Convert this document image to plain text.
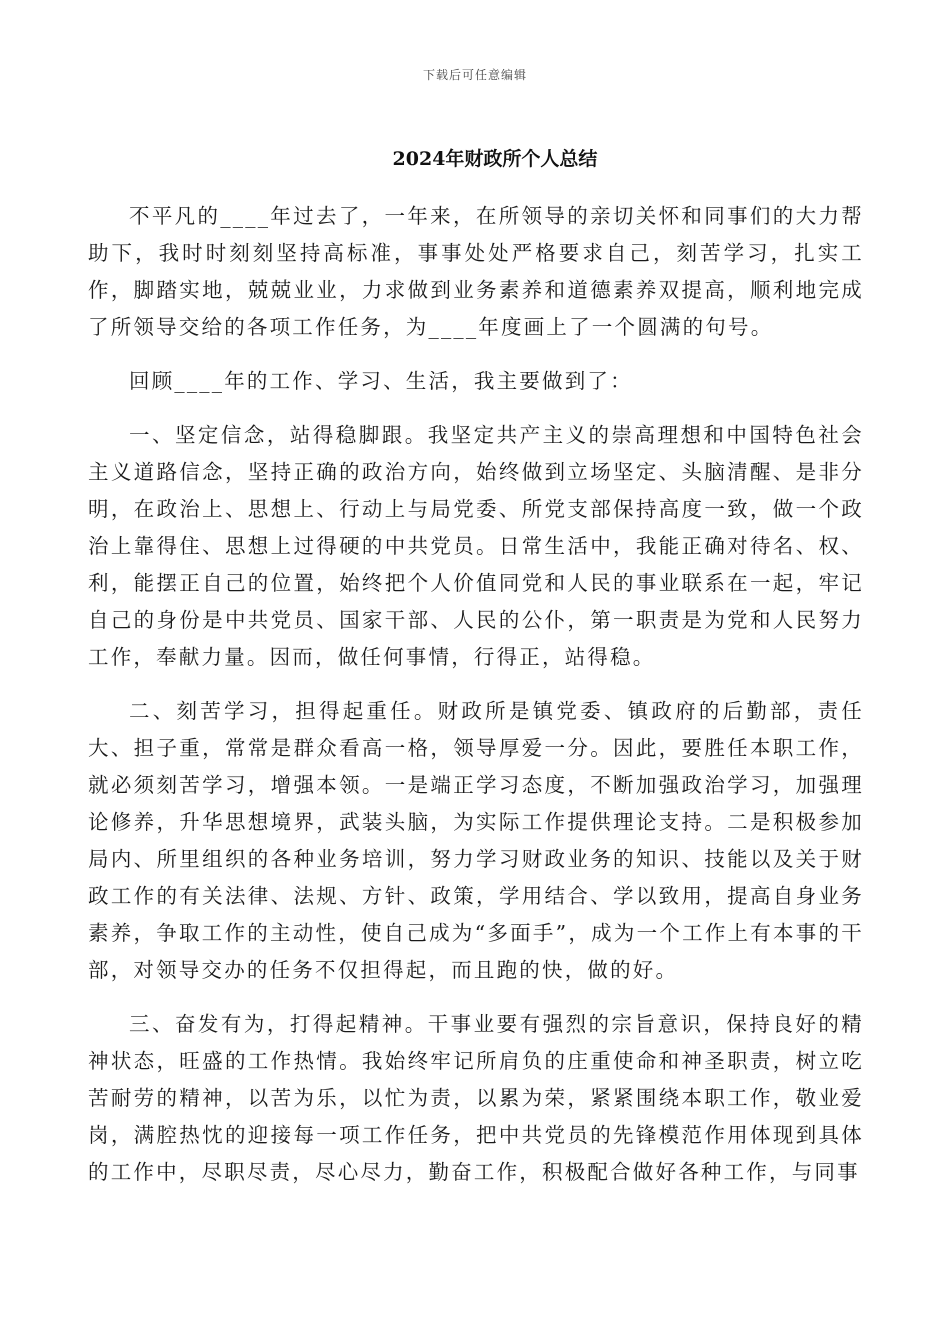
下载后可任意编辑
2024年财政所个人总结

不平凡的____年过去了，一年来，在所领导的亲切关怀和同事们的大力帮助下，我时时刻刻坚持高标准，事事处处严格要求自己，刻苦学习，扎实工作，脚踏实地，兢兢业业，力求做到业务素养和道德素养双提高，顺利地完成了所领导交给的各项工作任务，为____年度画上了一个圆满的句号。

回顾____年的工作、学习、生活，我主要做到了：

一、坚定信念，站得稳脚跟。我坚定共产主义的崇高理想和中国特色社会主义道路信念，坚持正确的政治方向，始终做到立场坚定、头脑清醒、是非分明，在政治上、思想上、行动上与局党委、所党支部保持高度一致，做一个政治上靠得住、思想上过得硬的中共党员。日常生活中，我能正确对待名、权、利，能摆正自己的位置，始终把个人价值同党和人民的事业联系在一起，牢记自己的身份是中共党员、国家干部、人民的公仆，第一职责是为党和人民努力工作，奉献力量。因而，做任何事情，行得正，站得稳。

二、刻苦学习，担得起重任。财政所是镇党委、镇政府的后勤部，责任大、担子重，常常是群众看高一格，领导厚爱一分。因此，要胜任本职工作，就必须刻苦学习，增强本领。一是端正学习态度，不断加强政治学习，加强理论修养，升华思想境界，武装头脑，为实际工作提供理论支持。二是积极参加局内、所里组织的各种业务培训，努力学习财政业务的知识、技能以及关于财政工作的有关法律、法规、方针、政策，学用结合、学以致用，提高自身业务素养，争取工作的主动性，使自己成为“多面手”，成为一个工作上有本事的干部，对领导交办的任务不仅担得起，而且跑的快，做的好。

三、奋发有为，打得起精神。干事业要有强烈的宗旨意识，保持良好的精神状态，旺盛的工作热情。我始终牢记所肩负的庄重使命和神圣职责，树立吃苦耐劳的精神，以苦为乐，以忙为责，以累为荣，紧紧围绕本职工作，敬业爱岗，满腔热忱的迎接每一项工作任务，把中共党员的先锋模范作用体现到具体的工作中，尽职尽责，尽心尽力，勤奋工作，积极配合做好各种工作，与同事
